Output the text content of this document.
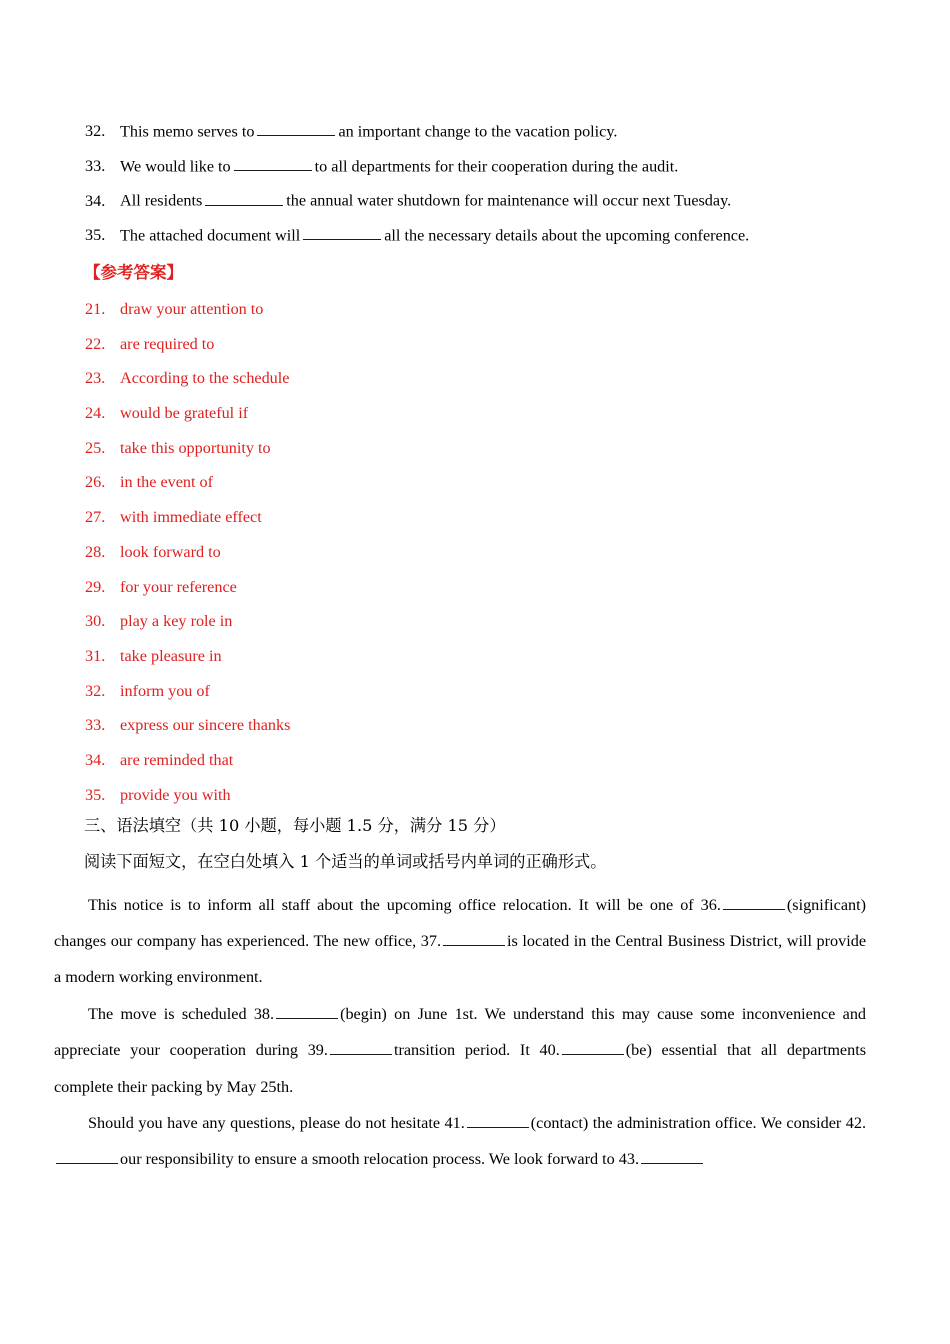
32. This memo serves to	an important change to the vacation policy.
33. We would like to	to all departments for their cooperation during the audit.
34. All residents	the annual water shutdown for maintenance will occur next Tuesday.
35. The attached document will	all the necessary details about the upcoming conference.
【参考答案】
21. draw your attention to
22. are required to
23. According to the schedule
24. would be grateful if
25. take this opportunity to
26. in the event of
27. with immediate effect
28. look forward to
29. for your reference
30. play a key role in
31. take pleasure in
32. inform you of
33. express our sincere thanks
34. are reminded that
35. provide you with
三、语法填空（共 10 小题，每小题 1.5 分，满分 15 分）
阅读下面短文，在空白处填入 1 个适当的单词或括号内单词的正确形式。

This notice is to inform all staff about the upcoming office relocation. It will be one of 36.	(significant) changes our company has experienced. The new office, 37.	is located in the Central Business District, will provide a modern working environment.

The move is scheduled 38.	(begin) on June 1st. We understand this may cause some inconvenience and appreciate your cooperation during 39.	transition period. It 40.	(be) essential that all departments complete their packing by May 25th.

Should you have any questions, please do not hesitate 41.	(contact) the administration office. We consider 42.our responsibility to ensure a smooth relocation process. We look forward to 43.
